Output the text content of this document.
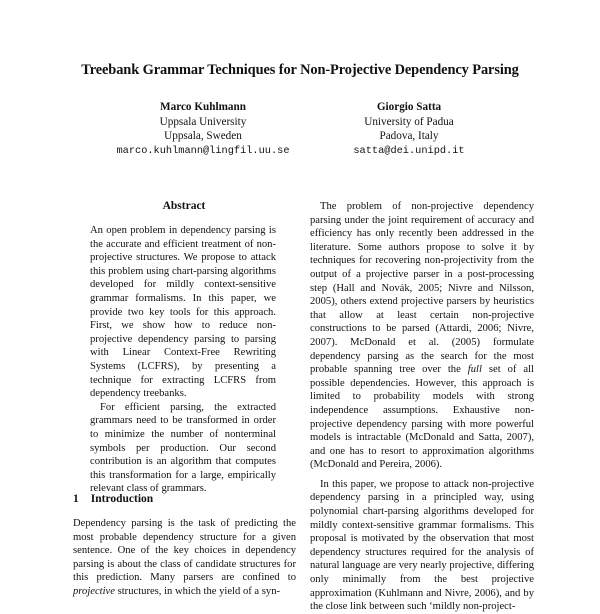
Treebank Grammar Techniques for Non-Projective Dependency Parsing
Marco Kuhlmann
Uppsala University
Uppsala, Sweden
marco.kuhlmann@lingfil.uu.se
Giorgio Satta
University of Padua
Padova, Italy
satta@dei.unipd.it
Abstract

An open problem in dependency parsing is the accurate and efficient treatment of non-projective structures. We propose to attack this problem using chart-parsing algorithms developed for mildly context-sensitive grammar formalisms. In this paper, we provide two key tools for this approach. First, we show how to reduce non-projective dependency parsing to parsing with Linear Context-Free Rewriting Systems (LCFRS), by presenting a technique for extracting LCFRS from dependency treebanks.

For efficient parsing, the extracted grammars need to be transformed in order to minimize the number of nonterminal symbols per production. Our second contribution is an algorithm that computes this transformation for a large, empirically relevant class of grammars.

1 Introduction

Dependency parsing is the task of predicting the most probable dependency structure for a given sentence. One of the key choices in dependency parsing is about the class of candidate structures for this prediction. Many parsers are confined to projective structures, in which the yield of a syn-

The problem of non-projective dependency parsing under the joint requirement of accuracy and efficiency has only recently been addressed in the literature. Some authors propose to solve it by techniques for recovering non-projectivity from the output of a projective parser in a post-processing step (Hall and Novák, 2005; Nivre and Nilsson, 2005), others extend projective parsers by heuristics that allow at least certain non-projective constructions to be parsed (Attardi, 2006; Nivre, 2007). McDonald et al. (2005) formulate dependency parsing as the search for the most probable spanning tree over the full set of all possible dependencies. However, this approach is limited to probability models with strong independence assumptions. Exhaustive non-projective dependency parsing with more powerful models is intractable (McDonald and Satta, 2007), and one has to resort to approximation algorithms (McDonald and Pereira, 2006).

In this paper, we propose to attack non-projective dependency parsing in a principled way, using polynomial chart-parsing algorithms developed for mildly context-sensitive grammar formalisms. This proposal is motivated by the observation that most dependency structures required for the analysis of natural language are very nearly projective, differing only minimally from the best projective approximation (Kuhlmann and Nivre, 2006), and by the close link between such ‘mildly non-project-
